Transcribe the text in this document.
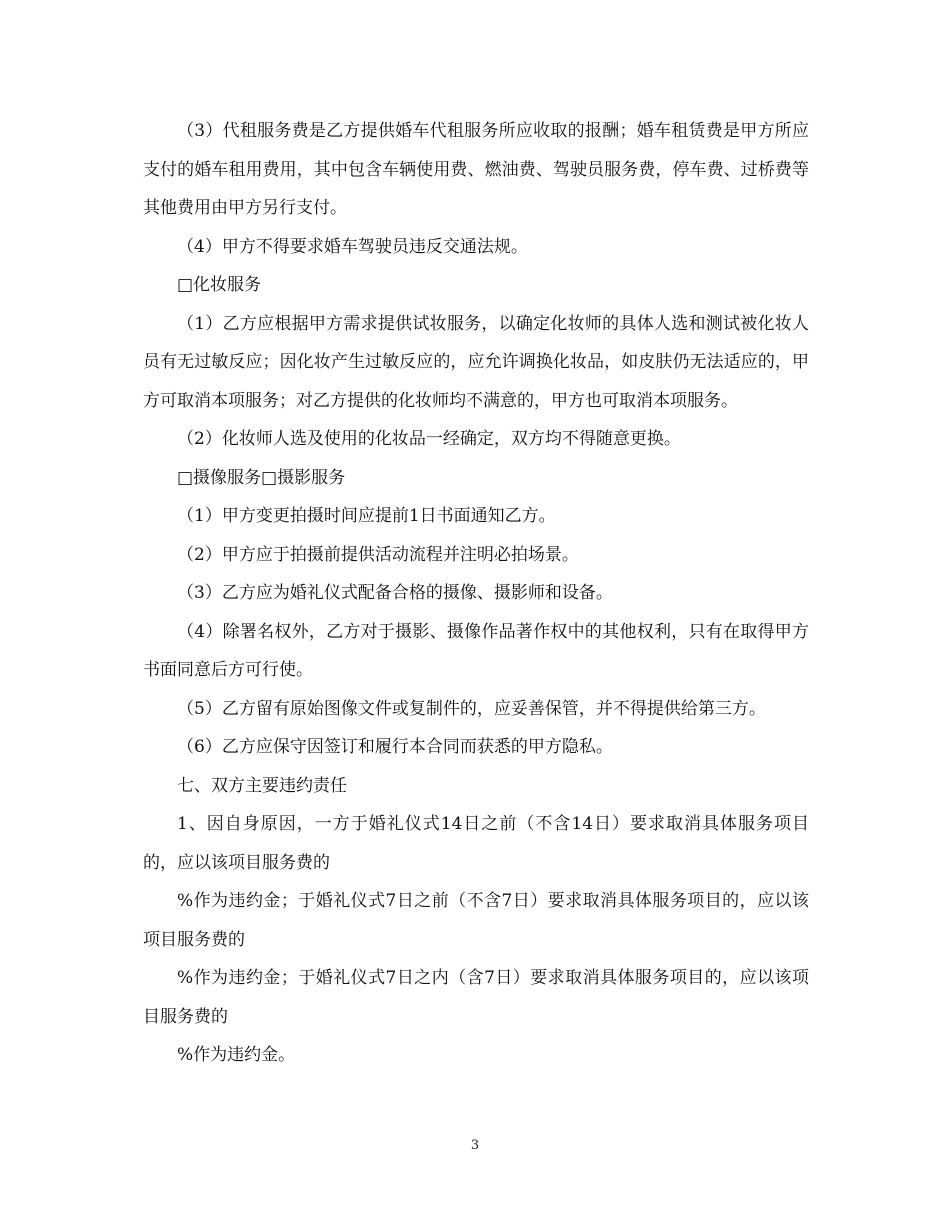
（3）代租服务费是乙方提供婚车代租服务所应收取的报酬；婚车租赁费是甲方所应支付的婚车租用费用，其中包含车辆使用费、燃油费、驾驶员服务费，停车费、过桥费等其他费用由甲方另行支付。

（4）甲方不得要求婚车驾驶员违反交通法规。

□化妆服务

（1）乙方应根据甲方需求提供试妆服务，以确定化妆师的具体人选和测试被化妆人员有无过敏反应；因化妆产生过敏反应的，应允许调换化妆品，如皮肤仍无法适应的，甲方可取消本项服务；对乙方提供的化妆师均不满意的，甲方也可取消本项服务。

（2）化妆师人选及使用的化妆品一经确定，双方均不得随意更换。

□摄像服务□摄影服务

（1）甲方变更拍摄时间应提前1日书面通知乙方。

（2）甲方应于拍摄前提供活动流程并注明必拍场景。

（3）乙方应为婚礼仪式配备合格的摄像、摄影师和设备。

（4）除署名权外，乙方对于摄影、摄像作品著作权中的其他权利，只有在取得甲方书面同意后方可行使。

（5）乙方留有原始图像文件或复制件的，应妥善保管，并不得提供给第三方。

（6）乙方应保守因签订和履行本合同而获悉的甲方隐私。

七、双方主要违约责任

1、因自身原因，一方于婚礼仪式14日之前（不含14日）要求取消具体服务项目的，应以该项目服务费的

%作为违约金；于婚礼仪式7日之前（不含7日）要求取消具体服务项目的，应以该项目服务费的

%作为违约金；于婚礼仪式7日之内（含7日）要求取消具体服务项目的，应以该项目服务费的

%作为违约金。

3
